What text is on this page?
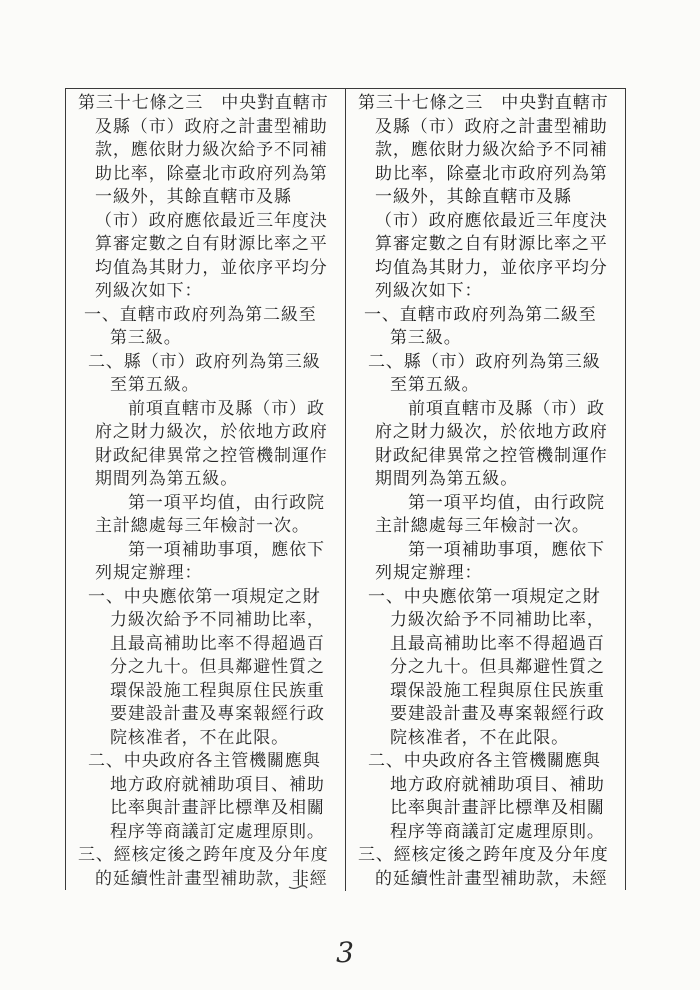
第三十七條之三　中央對直轄市
及縣（市）政府之計畫型補助
款，應依財力級次給予不同補
助比率，除臺北市政府列為第
一級外，其餘直轄市及縣
（市）政府應依最近三年度決
算審定數之自有財源比率之平
均值為其財力，並依序平均分
列級次如下：
一、直轄市政府列為第二級至
第三級。
二、縣（市）政府列為第三級
至第五級。
前項直轄市及縣（市）政
府之財力級次，於依地方政府
財政紀律異常之控管機制運作
期間列為第五級。
第一項平均值，由行政院
主計總處每三年檢討一次。
第一項補助事項，應依下
列規定辦理：
一、中央應依第一項規定之財
力級次給予不同補助比率，
且最高補助比率不得超過百
分之九十。但具鄰避性質之
環保設施工程與原住民族重
要建設計畫及專案報經行政
院核准者，不在此限。
二、中央政府各主管機關應與
地方政府就補助項目、補助
比率與計畫評比標準及相關
程序等商議訂定處理原則。
三、經核定後之跨年度及分年度
的延續性計畫型補助款，非經
第三十七條之三　中央對直轄市
及縣（市）政府之計畫型補助
款，應依財力級次給予不同補
助比率，除臺北市政府列為第
一級外，其餘直轄市及縣
（市）政府應依最近三年度決
算審定數之自有財源比率之平
均值為其財力，並依序平均分
列級次如下：
一、直轄市政府列為第二級至
第三級。
二、縣（市）政府列為第三級
至第五級。
前項直轄市及縣（市）政
府之財力級次，於依地方政府
財政紀律異常之控管機制運作
期間列為第五級。
第一項平均值，由行政院
主計總處每三年檢討一次。
第一項補助事項，應依下
列規定辦理：
一、中央應依第一項規定之財
力級次給予不同補助比率，
且最高補助比率不得超過百
分之九十。但具鄰避性質之
環保設施工程與原住民族重
要建設計畫及專案報經行政
院核准者，不在此限。
二、中央政府各主管機關應與
地方政府就補助項目、補助
比率與計畫評比標準及相關
程序等商議訂定處理原則。
三、經核定後之跨年度及分年度
的延續性計畫型補助款，未經
3
